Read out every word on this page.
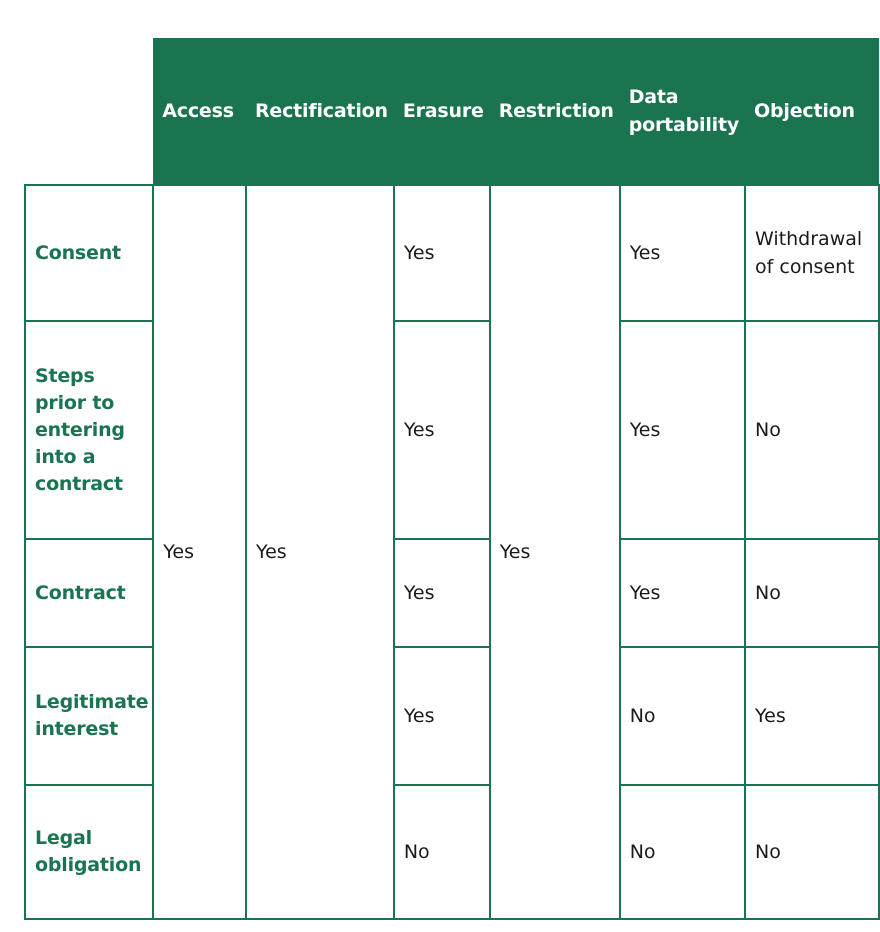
	Access	Rectification	Erasure	Restriction	Data portability	Objection
Consent	Yes	Yes	Yes	Yes	Yes	Withdrawal of consent
Steps prior to entering into a contract			Yes		Yes	No
Contract			Yes		Yes	No
Legitimate interest			Yes		No	Yes
Legal obligation			No		No	No
